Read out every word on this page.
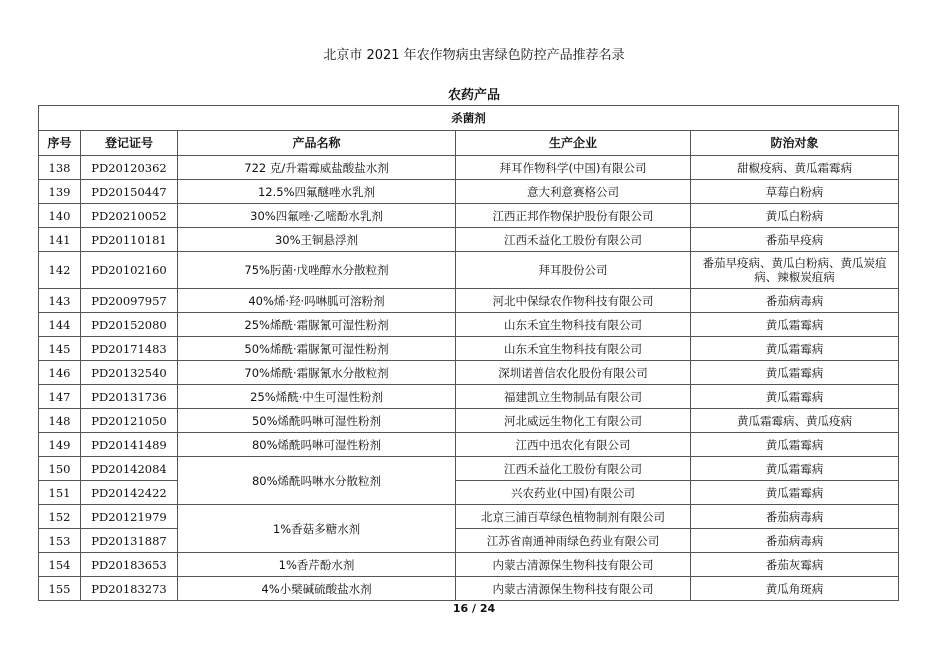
北京市 2021 年农作物病虫害绿色防控产品推荐名录
农药产品
杀菌剂				
序号	登记证号	产品名称	生产企业	防治对象
138	PD20120362	722 克/升霜霉威盐酸盐水剂	拜耳作物科学(中国)有限公司	甜椒疫病、黄瓜霜霉病
139	PD20150447	12.5%四氟醚唑水乳剂	意大利意赛格公司	草莓白粉病
140	PD20210052	30%四氟唑·乙嘧酚水乳剂	江西正邦作物保护股份有限公司	黄瓜白粉病
141	PD20110181	30%王铜悬浮剂	江西禾益化工股份有限公司	番茄早疫病
142	PD20102160	75%肟菌·戊唑醇水分散粒剂	拜耳股份公司	番茄早疫病、黄瓜白粉病、黄瓜炭疽病、辣椒炭疽病
143	PD20097957	40%烯·羟·吗啉胍可溶粉剂	河北中保绿农作物科技有限公司	番茄病毒病
144	PD20152080	25%烯酰·霜脲氰可湿性粉剂	山东禾宜生物科技有限公司	黄瓜霜霉病
145	PD20171483	50%烯酰·霜脲氰可湿性粉剂	山东禾宜生物科技有限公司	黄瓜霜霉病
146	PD20132540	70%烯酰·霜脲氰水分散粒剂	深圳诺普信农化股份有限公司	黄瓜霜霉病
147	PD20131736	25%烯酰·中生可湿性粉剂	福建凯立生物制品有限公司	黄瓜霜霉病
148	PD20121050	50%烯酰吗啉可湿性粉剂	河北威远生物化工有限公司	黄瓜霜霉病、黄瓜疫病
149	PD20141489	80%烯酰吗啉可湿性粉剂	江西中迅农化有限公司	黄瓜霜霉病
150	PD20142084	80%烯酰吗啉水分散粒剂	江西禾益化工股份有限公司	黄瓜霜霉病
151	PD20142422		兴农药业(中国)有限公司	黄瓜霜霉病
152	PD20121979	1%香菇多糖水剂	北京三浦百草绿色植物制剂有限公司	番茄病毒病
153	PD20131887		江苏省南通神雨绿色药业有限公司	番茄病毒病
154	PD20183653	1%香芹酚水剂	内蒙古清源保生物科技有限公司	番茄灰霉病
155	PD20183273	4%小檗碱硫酸盐水剂	内蒙古清源保生物科技有限公司	黄瓜角斑病
16 / 24
